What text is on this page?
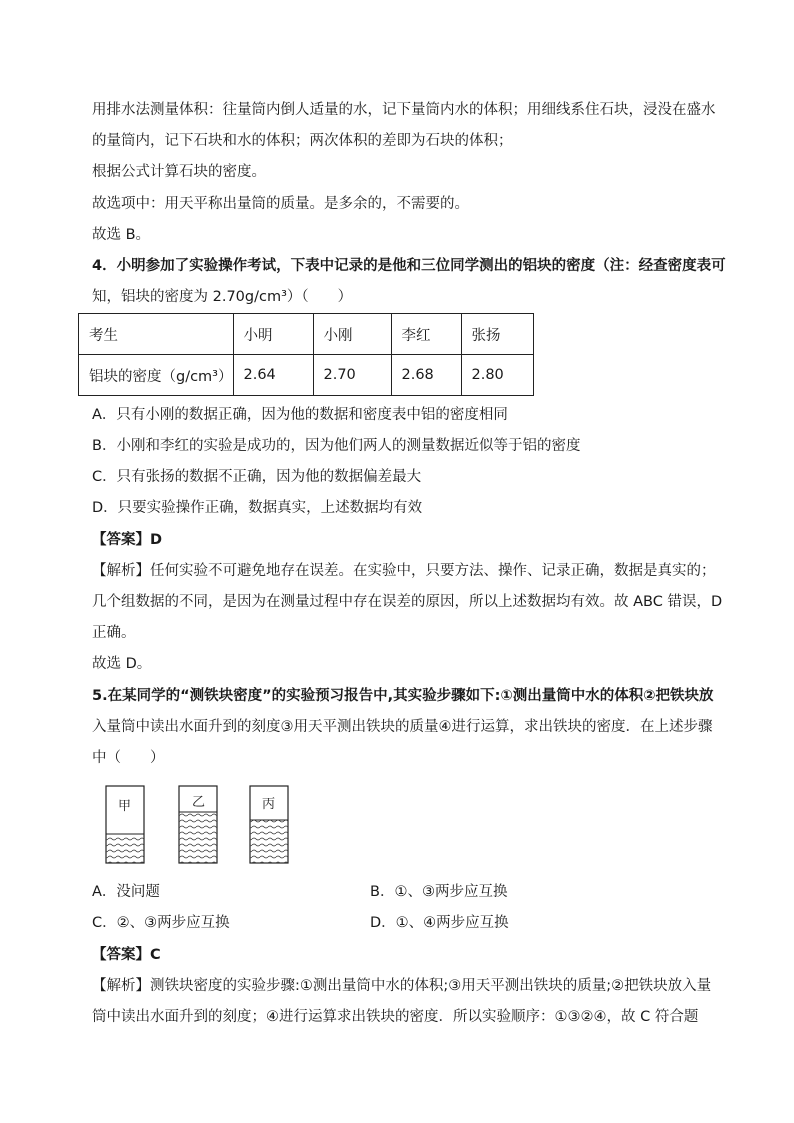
用排水法测量体积：往量筒内倒人适量的水，记下量筒内水的体积；用细线系住石块，浸没在盛水
的量筒内，记下石块和水的体积；两次体积的差即为石块的体积；
根据公式计算石块的密度。
故选项中：用天平称出量筒的质量。是多余的，不需要的。
故选 B。
4．小明参加了实验操作考试，下表中记录的是他和三位同学测出的铝块的密度（注：经查密度表可
知，铝块的密度为 2.70g/cm³）（　　）
考生	小明	小刚	李红	张扬
铝块的密度（g/cm³）	2.64	2.70	2.68	2.80
A．只有小刚的数据正确，因为他的数据和密度表中铝的密度相同
B．小刚和李红的实验是成功的，因为他们两人的测量数据近似等于铝的密度
C．只有张扬的数据不正确，因为他的数据偏差最大
D．只要实验操作正确，数据真实，上述数据均有效
【答案】D
【解析】任何实验不可避免地存在误差。在实验中，只要方法、操作、记录正确，数据是真实的；
几个组数据的不同，是因为在测量过程中存在误差的原因，所以上述数据均有效。故 ABC 错误，D
正确。
故选 D。
5.在某同学的“测铁块密度”的实验预习报告中,其实验步骤如下:①测出量筒中水的体积②把铁块放
入量筒中读出水面升到的刻度③用天平测出铁块的质量④进行运算，求出铁块的密度．在上述步骤
中（　　）
甲	乙	丙
A．没问题	B．①、③两步应互换
C．②、③两步应互换	D．①、④两步应互换
【答案】C
【解析】测铁块密度的实验步骤:①测出量筒中水的体积;③用天平测出铁块的质量;②把铁块放入量
筒中读出水面升到的刻度；④进行运算求出铁块的密度．所以实验顺序：①③②④，故 C 符合题
